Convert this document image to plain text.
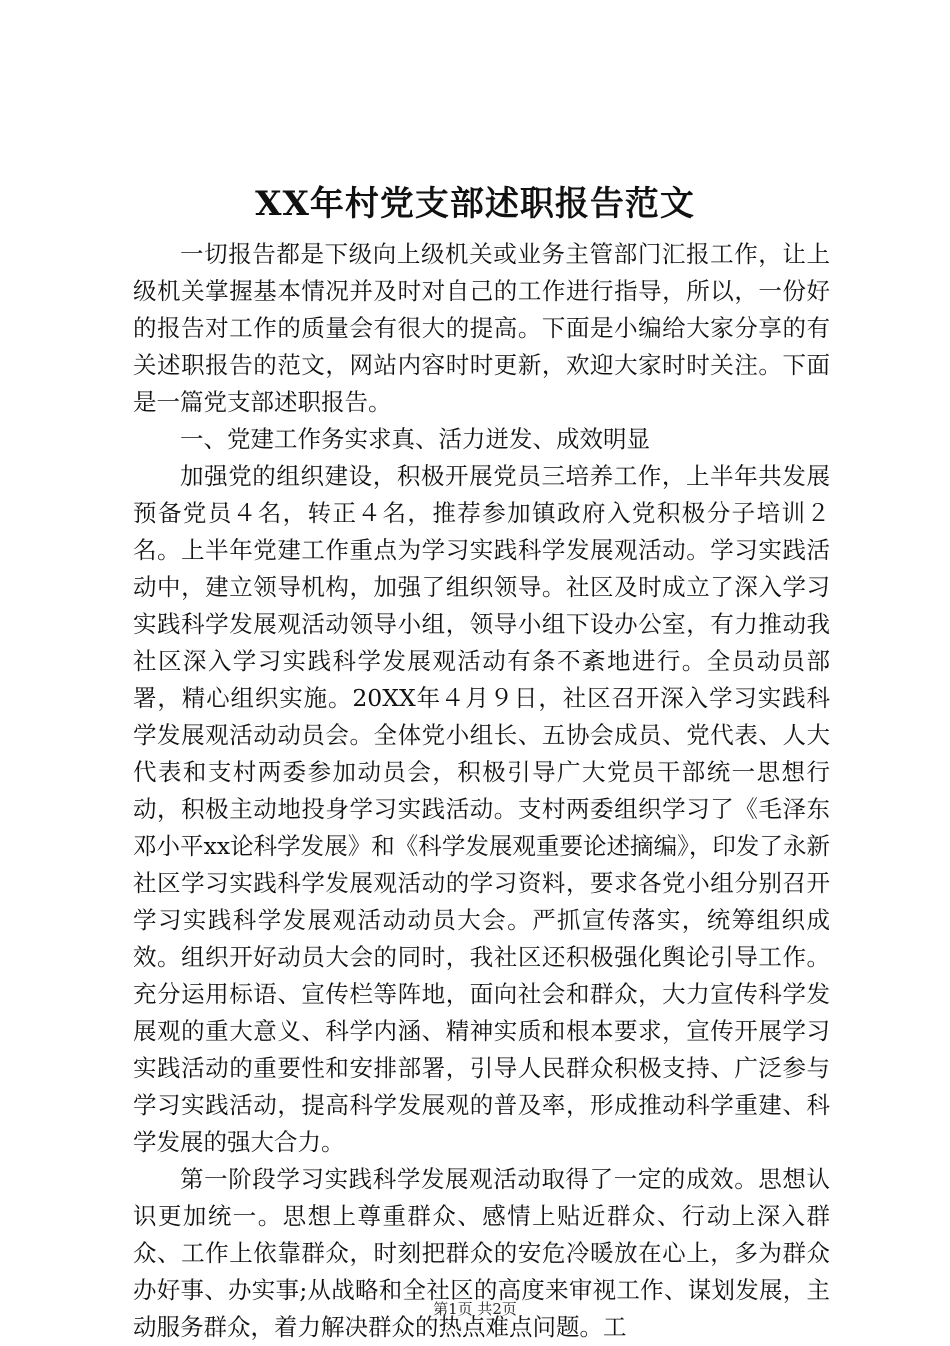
XX年村党支部述职报告范文

一切报告都是下级向上级机关或业务主管部门汇报工作，让上级机关掌握基本情况并及时对自己的工作进行指导，所以，一份好的报告对工作的质量会有很大的提高。下面是小编给大家分享的有关述职报告的范文，网站内容时时更新，欢迎大家时时关注。下面是一篇党支部述职报告。

一、党建工作务实求真、活力迸发、成效明显

加强党的组织建设，积极开展党员三培养工作，上半年共发展预备党员４名，转正４名，推荐参加镇政府入党积极分子培训２名。上半年党建工作重点为学习实践科学发展观活动。学习实践活动中，建立领导机构，加强了组织领导。社区及时成立了深入学习实践科学发展观活动领导小组，领导小组下设办公室，有力推动我社区深入学习实践科学发展观活动有条不紊地进行。全员动员部署，精心组织实施。20XX年４月９日，社区召开深入学习实践科学发展观活动动员会。全体党小组长、五协会成员、党代表、人大代表和支村两委参加动员会，积极引导广大党员干部统一思想行动，积极主动地投身学习实践活动。支村两委组织学习了《毛泽东邓小平xx论科学发展》和《科学发展观重要论述摘编》，印发了永新社区学习实践科学发展观活动的学习资料，要求各党小组分别召开学习实践科学发展观活动动员大会。严抓宣传落实，统筹组织成效。组织开好动员大会的同时，我社区还积极强化舆论引导工作。充分运用标语、宣传栏等阵地，面向社会和群众，大力宣传科学发展观的重大意义、科学内涵、精神实质和根本要求，宣传开展学习实践活动的重要性和安排部署，引导人民群众积极支持、广泛参与学习实践活动，提高科学发展观的普及率，形成推动科学重建、科学发展的强大合力。

第一阶段学习实践科学发展观活动取得了一定的成效。思想认识更加统一。思想上尊重群众、感情上贴近群众、行动上深入群众、工作上依靠群众，时刻把群众的安危冷暖放在心上，多为群众办好事、办实事;从战略和全社区的高度来审视工作、谋划发展，主动服务群众，着力解决群众的热点难点问题。工

第1页 共2页
